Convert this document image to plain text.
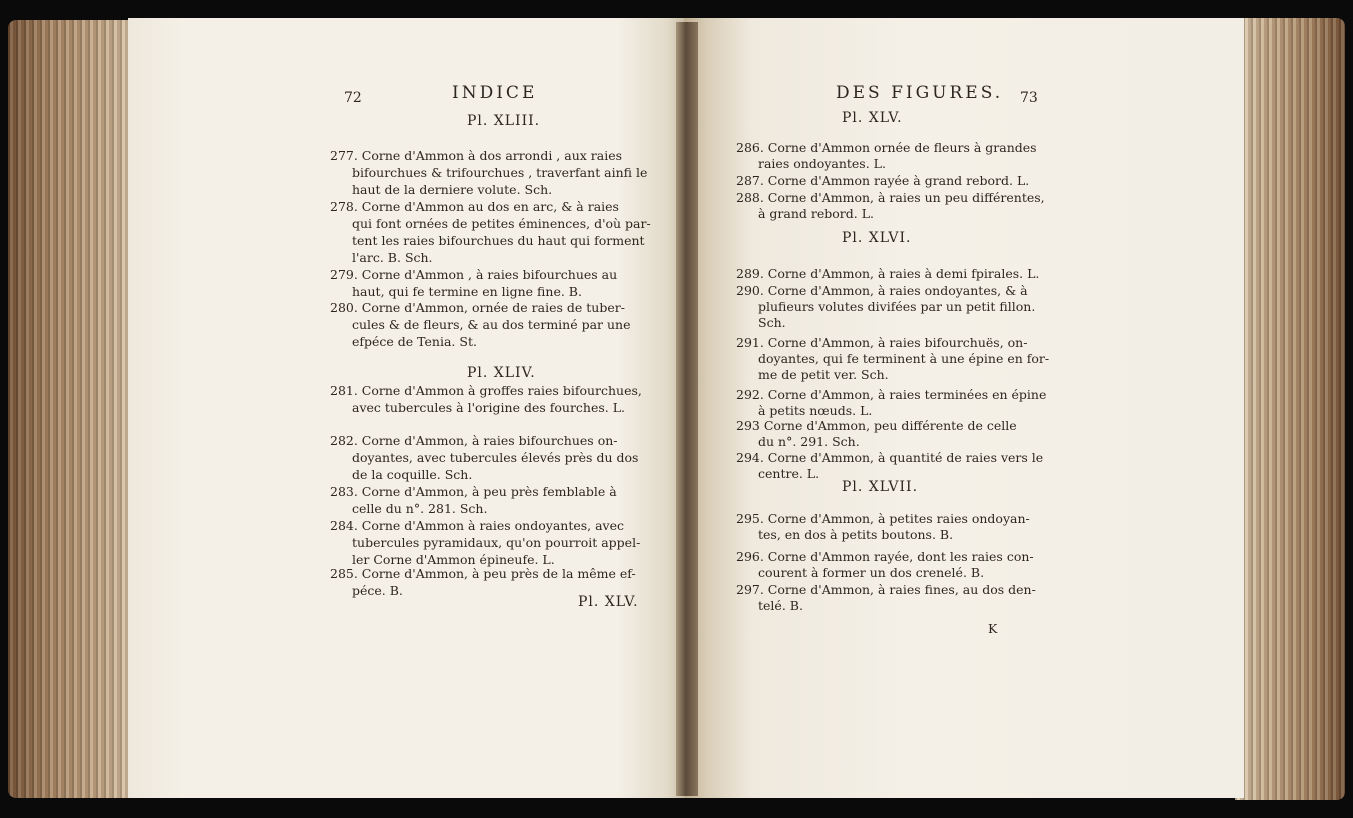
72	INDICE
Pl. XLIII.
277. Corne d'Ammon à dos arrondi , aux raies
bifourchues & trifourchues , traverfant ainfi le
haut de la derniere volute. Sch.
278. Corne d'Ammon au dos en arc, & à raies
qui font ornées de petites éminences, d'où par-
tent les raies bifourchues du haut qui forment
l'arc. B. Sch.
279. Corne d'Ammon , à raies bifourchues au
haut, qui fe termine en ligne fine. B.
280. Corne d'Ammon, ornée de raies de tuber-
cules & de fleurs, & au dos terminé par une
efpéce de Tenia. St.
Pl. XLIV.
281. Corne d'Ammon à groffes raies bifourchues,
avec tubercules à l'origine des fourches. L.
282. Corne d'Ammon, à raies bifourchues on-
doyantes, avec tubercules élevés près du dos
de la coquille. Sch.
283. Corne d'Ammon, à peu près femblable à
celle du n°. 281. Sch.
284. Corne d'Ammon à raies ondoyantes, avec
tubercules pyramidaux, qu'on pourroit appel-
ler Corne d'Ammon épineufe. L.
285. Corne d'Ammon, à peu près de la même ef-
péce. B.
Pl. XLV.
DES FIGURES. 73
Pl. XLV.
286. Corne d'Ammon ornée de fleurs à grandes
raies ondoyantes. L.
287. Corne d'Ammon rayée à grand rebord. L.
288. Corne d'Ammon, à raies un peu différentes,
à grand rebord. L.
Pl. XLVI.
289. Corne d'Ammon, à raies à demi fpirales. L.
290. Corne d'Ammon, à raies ondoyantes, & à
plufieurs volutes divifées par un petit fillon.
Sch.
291. Corne d'Ammon, à raies bifourchuës, on-
doyantes, qui fe terminent à une épine en for-
me de petit ver. Sch.
292. Corne d'Ammon, à raies terminées en épine
à petits nœuds. L.
293 Corne d'Ammon, peu différente de celle
du n°. 291. Sch.
294. Corne d'Ammon, à quantité de raies vers le
centre. L.
Pl. XLVII.
295. Corne d'Ammon, à petites raies ondoyan-
tes, en dos à petits boutons. B.
296. Corne d'Ammon rayée, dont les raies con-
courent à former un dos crenelé. B.
297. Corne d'Ammon, à raies fines, au dos den-
telé. B.
K
